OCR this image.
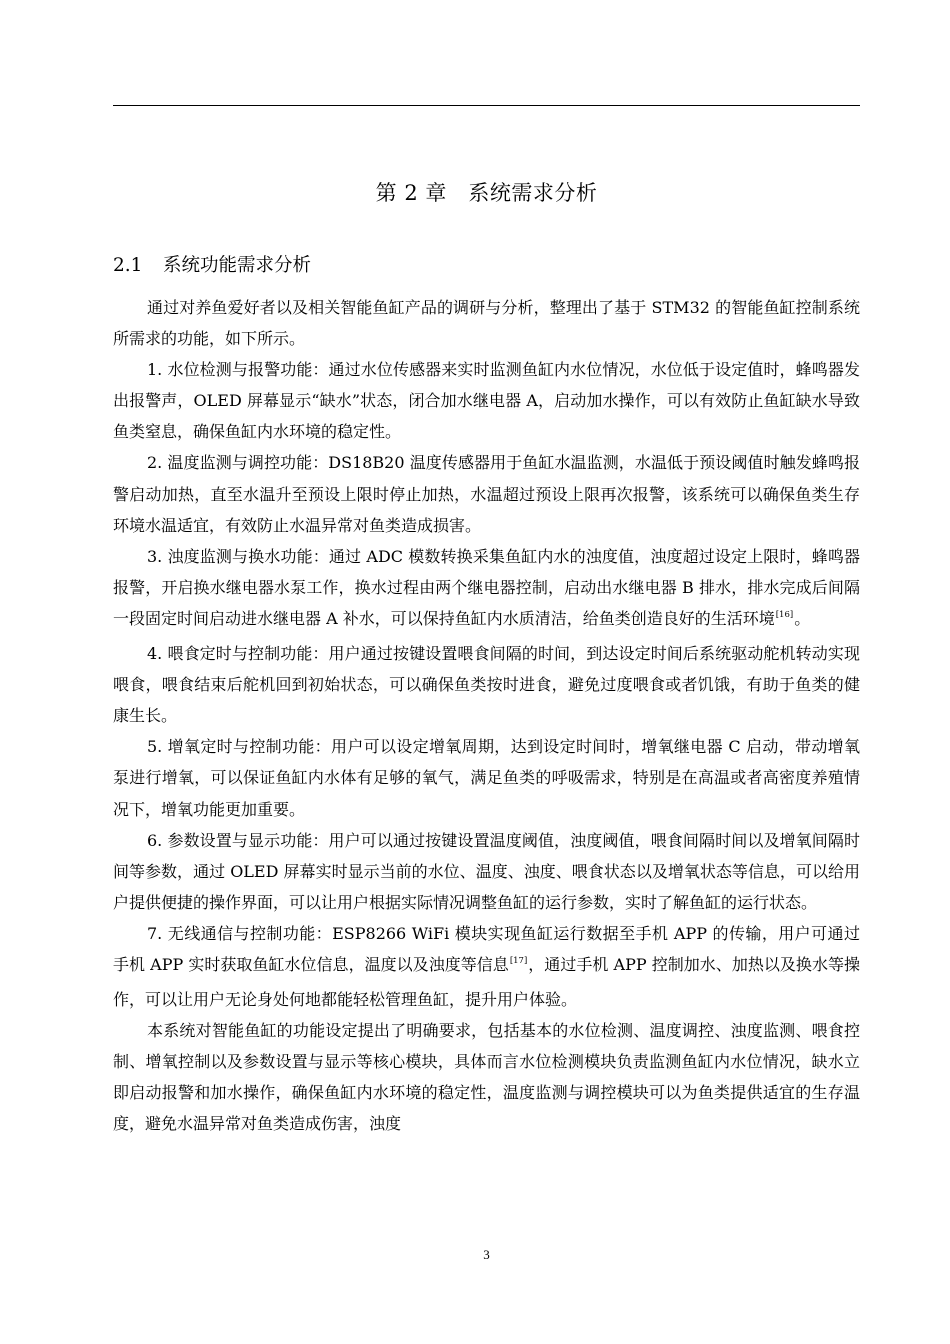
第 2 章　系统需求分析
2.1 系统功能需求分析

通过对养鱼爱好者以及相关智能鱼缸产品的调研与分析，整理出了基于 STM32 的智能鱼缸控制系统所需求的功能，如下所示。

1. 水位检测与报警功能：通过水位传感器来实时监测鱼缸内水位情况，水位低于设定值时，蜂鸣器发出报警声，OLED 屏幕显示“缺水”状态，闭合加水继电器 A，启动加水操作，可以有效防止鱼缸缺水导致鱼类窒息，确保鱼缸内水环境的稳定性。

2. 温度监测与调控功能：DS18B20 温度传感器用于鱼缸水温监测，水温低于预设阈值时触发蜂鸣报警启动加热，直至水温升至预设上限时停止加热，水温超过预设上限再次报警，该系统可以确保鱼类生存环境水温适宜，有效防止水温异常对鱼类造成损害。

3. 浊度监测与换水功能：通过 ADC 模数转换采集鱼缸内水的浊度值，浊度超过设定上限时，蜂鸣器报警，开启换水继电器水泵工作，换水过程由两个继电器控制，启动出水继电器 B 排水，排水完成后间隔一段固定时间启动进水继电器 A 补水，可以保持鱼缸内水质清洁，给鱼类创造良好的生活环境[16]。

4. 喂食定时与控制功能：用户通过按键设置喂食间隔的时间，到达设定时间后系统驱动舵机转动实现喂食，喂食结束后舵机回到初始状态，可以确保鱼类按时进食，避免过度喂食或者饥饿，有助于鱼类的健康生长。

5. 增氧定时与控制功能：用户可以设定增氧周期，达到设定时间时，增氧继电器 C 启动，带动增氧泵进行增氧，可以保证鱼缸内水体有足够的氧气，满足鱼类的呼吸需求，特别是在高温或者高密度养殖情况下，增氧功能更加重要。

6. 参数设置与显示功能：用户可以通过按键设置温度阈值，浊度阈值，喂食间隔时间以及增氧间隔时间等参数，通过 OLED 屏幕实时显示当前的水位、温度、浊度、喂食状态以及增氧状态等信息，可以给用户提供便捷的操作界面，可以让用户根据实际情况调整鱼缸的运行参数，实时了解鱼缸的运行状态。

7. 无线通信与控制功能：ESP8266 WiFi 模块实现鱼缸运行数据至手机 APP 的传输，用户可通过手机 APP 实时获取鱼缸水位信息，温度以及浊度等信息[17]，通过手机 APP 控制加水、加热以及换水等操作，可以让用户无论身处何地都能轻松管理鱼缸，提升用户体验。

本系统对智能鱼缸的功能设定提出了明确要求，包括基本的水位检测、温度调控、浊度监测、喂食控制、增氧控制以及参数设置与显示等核心模块，具体而言水位检测模块负责监测鱼缸内水位情况，缺水立即启动报警和加水操作，确保鱼缸内水环境的稳定性，温度监测与调控模块可以为鱼类提供适宜的生存温度，避免水温异常对鱼类造成伤害，浊度

3
